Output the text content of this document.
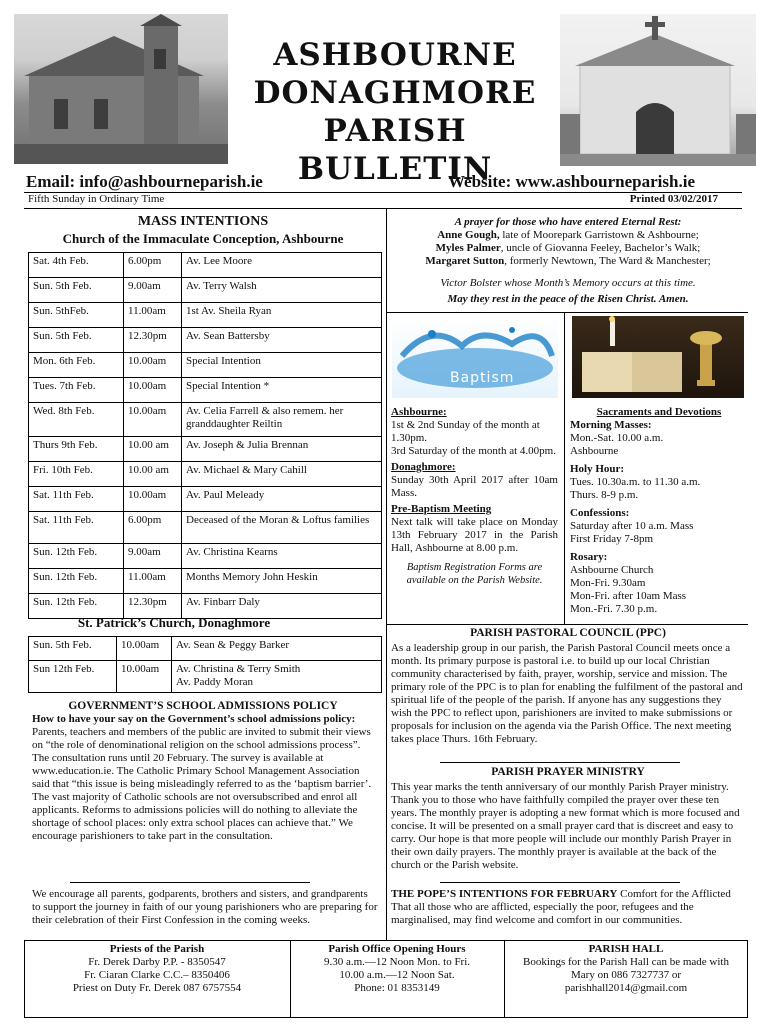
ASHBOURNE
DONAGHMORE
PARISH BULLETIN
Email: info@ashbourneparish.ie	Website: www.ashbourneparish.ie
Fifth Sunday in Ordinary Time	Printed 03/02/2017
MASS INTENTIONS
Church of the Immaculate Conception, Ashbourne
Sat. 4th Feb.	6.00pm	Av. Lee Moore
Sun. 5th Feb.	9.00am	Av. Terry Walsh
Sun. 5thFeb.	11.00am	1st Av. Sheila Ryan
Sun. 5th Feb.	12.30pm	Av. Sean Battersby
Mon. 6th Feb.	10.00am	Special Intention
Tues. 7th Feb.	10.00am	Special Intention *
Wed. 8th Feb.	10.00am	Av. Celia Farrell & also remem. her granddaughter Reiltin
Thurs 9th Feb.	10.00 am	Av. Joseph & Julia Brennan
Fri. 10th Feb.	10.00 am	Av. Michael & Mary Cahill
Sat. 11th Feb.	10.00am	Av. Paul Meleady
Sat. 11th Feb.	6.00pm	Deceased of the Moran & Loftus families
Sun. 12th Feb.	9.00am	Av. Christina Kearns
Sun. 12th Feb.	11.00am	Months Memory John Heskin
Sun. 12th Feb.	12.30pm	Av. Finbarr Daly
St. Patrick’s Church, Donaghmore
Sun. 5th Feb.	10.00am	Av. Sean & Peggy Barker
Sun 12th Feb.	10.00am	Av. Christina & Terry Smith
Av. Paddy Moran
GOVERNMENT’S SCHOOL ADMISSIONS POLICY

How to have your say on the Government’s school admissions policy:

Parents, teachers and members of the public are invited to submit their views on “the role of denominational religion on the school admissions process”. The consultation runs until 20 February. The survey is available at www.education.ie. The Catholic Primary School Management Association said that “this issue is being misleadingly referred to as the ‘baptism barrier’. The vast majority of Catholic schools are not oversubscribed and enrol all applicants. Reforms to admissions policies will do nothing to alleviate the shortage of school places: only extra school places can achieve that.” We encourage parishioners to take part in the consultation.

We encourage all parents, godparents, brothers and sisters, and grandparents to support the journey in faith of our young parishioners who are preparing for their celebration of their First Confession in the coming weeks.

A prayer for those who have entered Eternal Rest:

Anne Gough, late of Moorepark Garristown & Ashbourne;

Myles Palmer, uncle of Giovanna Feeley, Bachelor’s Walk;

Margaret Sutton, formerly Newtown, The Ward & Manchester;

Victor Bolster whose Month’s Memory occurs at this time.

May they rest in the peace of the Risen Christ. Amen.

Baptism

Ashbourne:

1st & 2nd Sunday of the month at 1.30pm.
3rd Saturday of the month at 4.00pm.

Donaghmore:

Sunday 30th April 2017 after 10am Mass.

Pre-Baptism Meeting

Next talk will take place on Monday 13th February 2017 in the Parish Hall, Ashbourne at 8.00 p.m.

Baptism Registration Forms are available on the Parish Website.

Sacraments and Devotions

Morning Masses:

Mon.-Sat. 10.00 a.m.
Ashbourne

Holy Hour:

Tues. 10.30a.m. to 11.30 a.m.
Thurs. 8-9 p.m.

Confessions:

Saturday after 10 a.m. Mass
First Friday 7-8pm

Rosary:

Ashbourne Church
Mon-Fri. 9.30am
Mon-Fri. after 10am Mass
Mon.-Fri. 7.30 p.m.

PARISH PASTORAL COUNCIL (PPC)
As a leadership group in our parish, the Parish Pastoral Council meets once a month. Its primary purpose is pastoral i.e. to build up our local Christian community characterised by faith, prayer, worship, service and mission. The primary role of the PPC is to plan for enabling the fulfilment of the pastoral and spiritual life of the people of the parish. If anyone has any suggestions they wish the PPC to reflect upon, parishioners are invited to make submissions or proposals for inclusion on the agenda via the Parish Office. The next meeting takes place Thurs. 16th February.
PARISH PRAYER MINISTRY
This year marks the tenth anniversary of our monthly Parish Prayer ministry. Thank you to those who have faithfully compiled the prayer over these ten years. The monthly prayer is adopting a new format which is more focused and concise. It will be presented on a small prayer card that is discreet and easy to carry. Our hope is that more people will include our monthly Parish Prayer in their own daily prayers. The monthly prayer is available at the back of the church or the Parish website.
THE POPE’S INTENTIONS FOR FEBRUARY Comfort for the Afflicted That all those who are afflicted, especially the poor, refugees and the marginalised, may find welcome and comfort in our communities.
Priests of the Parish
Fr. Derek Darby P.P. - 8350547
Fr. Ciaran Clarke C.C.– 8350406
Priest on Duty Fr. Derek 087 6757554
Parish Office Opening Hours
9.30 a.m.—12 Noon Mon. to Fri.
10.00 a.m.—12 Noon Sat.
Phone: 01 8353149
PARISH HALL
Bookings for the Parish Hall can be made with Mary on 086 7327737 or parishhall2014@gmail.com
